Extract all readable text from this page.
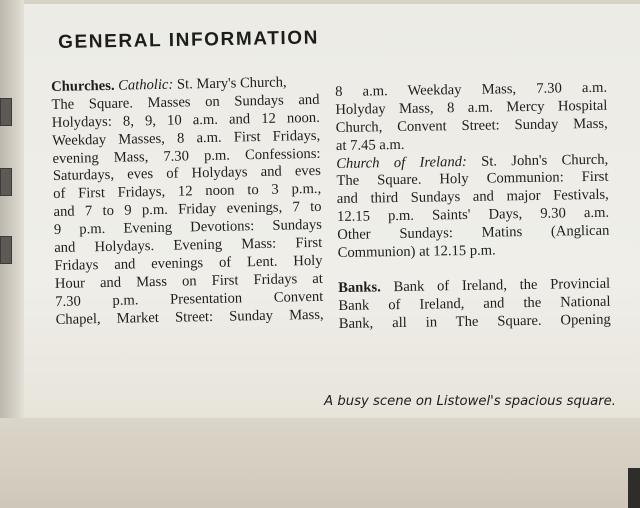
GENERAL INFORMATION
Churches. Catholic: St. Mary's Church,
The Square. Masses on Sundays and
Holydays: 8, 9, 10 a.m. and 12 noon.
Weekday Masses, 8 a.m. First Fridays,
evening Mass, 7.30 p.m. Confessions:
Saturdays, eves of Holydays and eves
of First Fridays, 12 noon to 3 p.m.,
and 7 to 9 p.m. Friday evenings, 7 to
9 p.m. Evening Devotions: Sundays
and Holydays. Evening Mass: First
Fridays and evenings of Lent. Holy
Hour and Mass on First Fridays at
7.30 p.m. Presentation Convent
Chapel, Market Street: Sunday Mass,
8 a.m. Weekday Mass, 7.30 a.m.
Holyday Mass, 8 a.m. Mercy Hospital
Church, Convent Street: Sunday Mass,
at 7.45 a.m.
Church of Ireland: St. John's Church,
The Square. Holy Communion: First
and third Sundays and major Festivals,
12.15 p.m. Saints' Days, 9.30 a.m.
Other Sundays: Matins (Anglican
Communion) at 12.15 p.m.
Banks. Bank of Ireland, the Provincial
Bank of Ireland, and the National
Bank, all in The Square. Opening
A busy scene on Listowel's spacious square.
